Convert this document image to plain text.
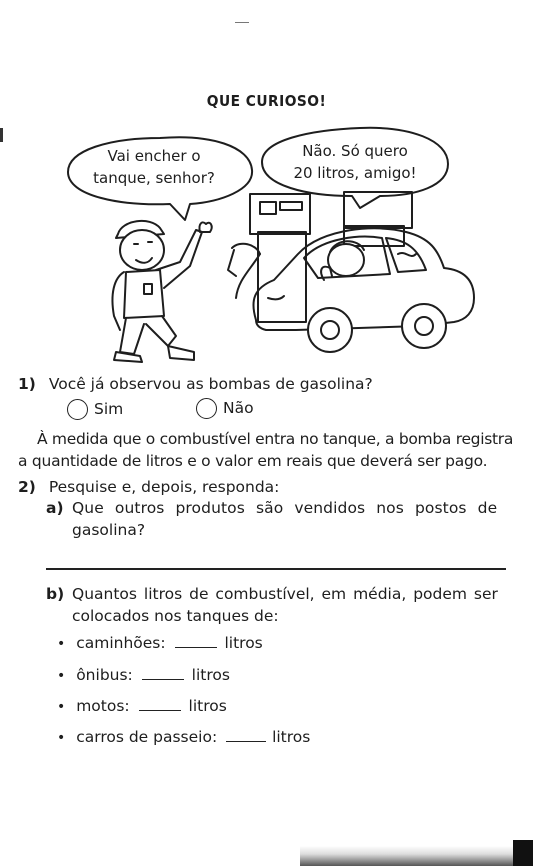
QUE CURIOSO!
Vai encher o
tanque, senhor?
Não. Só quero
20 litros, amigo!
1) Você já observou as bombas de gasolina?
Sim	Não
À medida que o combustível entra no tanque, a bomba registra
a quantidade de litros e o valor em reais que deverá ser pago.
2) Pesquise e, depois, responda:
a) Que outros produtos são vendidos nos postos de
gasolina?
b) Quantos litros de combustível, em média, podem ser
colocados nos tanques de:
• caminhões:	litros
• ônibus:	litros
• motos:	litros
• carros de passeio:	litros
